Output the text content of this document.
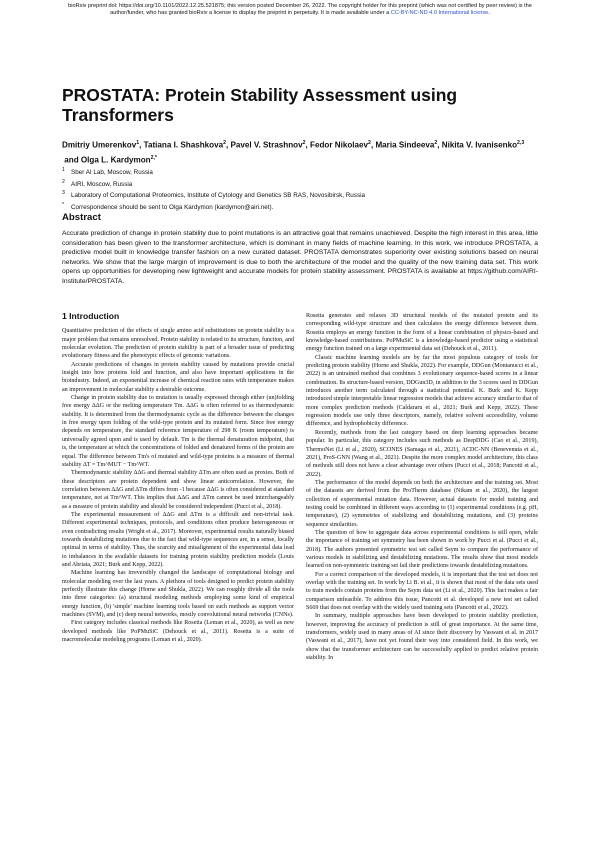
bioRxiv preprint doi: https://doi.org/10.1101/2022.12.25.521875; this version posted December 26, 2022. The copyright holder for this preprint (which was not certified by peer review) is the author/funder, who has granted bioRxiv a license to display the preprint in perpetuity. It is made available under a CC-BY-NC-ND 4.0 International license.
PROSTATA: Protein Stability Assessment using Transformers
Dmitriy Umerenkov$^1$, Tatiana I. Shashkova$^2$, Pavel V. Strashnov$^2$, Fedor Nikolaev$^2$, Maria Sindeeva$^2$, Nikita V. Ivanisenko$^{2,3}$ and Olga L. Kardymon$^{2,*}$
$^1$ Sber AI Lab, Moscow, Russia
$^2$ AIRI, Moscow, Russia
$^3$ Laboratory of Computational Proteomics, Institute of Cytology and Genetics SB RAS, Novosibirsk, Russia
* Correspondence should be sent to Olga Kardymon (kardymon@airi.net).
Abstract

Accurate prediction of change in protein stability due to point mutations is an attractive goal that remains unachieved. Despite the high interest in this area, little consideration has been given to the transformer architecture, which is dominant in many fields of machine learning. In this work, we introduce PROSTATA, a predictive model built in knowledge transfer fashion on a new curated dataset. PROSTATA demonstrates superiority over existing solutions based on neural networks. We show that the large margin of improvement is due to both the architecture of the model and the quality of the new training data set. This work opens up opportunities for developing new lightweight and accurate models for protein stability assessment. PROSTATA is available at https://github.com/AIRI-Institute/PROSTATA.

1 Introduction

Quantitative prediction of the effects of single amino acid substitutions on protein stability is a major problem that remains unresolved. Protein stability is related to its structure, function, and molecular evolution. The prediction of protein stability is part of a broader issue of predicting evolutionary fitness and the phenotypic effects of genomic variations.

Accurate predictions of changes in protein stability caused by mutations provide crucial insight into how proteins fold and function, and also have important applications in the bioindustry. Indeed, an exponential increase of chemical reaction rates with temperature makes an improvement in molecular stability a desirable outcome.

Change in protein stability due to mutation is usually expressed through either (un)folding free energy ΔΔG or the melting temperature Tm. ΔΔG is often referred to as thermodynamic stability. It is determined from the thermodynamic cycle as the difference between the changes in free energy upon folding of the wild-type protein and its mutated form. Since free energy depends on temperature, the standard reference temperature of 298 K (room temperature) is universally agreed upon and is used by default. Tm is the thermal denaturation midpoint, that is, the temperature at which the concentrations of folded and denatured forms of the protein are equal. The difference between Tm's of mutated and wild-type proteins is a measure of thermal stability ΔT = Tm^MUT − Tm^WT.

Thermodynamic stability ΔΔG and thermal stability ΔTm are often used as proxies. Both of these descriptors are protein dependent and show linear anticorrelation. However, the correlation between ΔΔG and ΔTm differs from -1 because ΔΔG is often considered at standard temperature, not at Tm^WT. This implies that ΔΔG and ΔTm cannot be used interchangeably as a measure of protein stability and should be considered independent (Pucci et al., 2018).

The experimental measurement of ΔΔG and ΔTm is a difficult and non-trivial task. Different experimental techniques, protocols, and conditions often produce heterogeneous or even contradicting results (Wright et al., 2017). Moreover, experimental results naturally biased towards destabilizing mutations due to the fact that wild-type sequences are, in a sense, locally optimal in terms of stability. Thus, the scarcity and misalignment of the experimental data lead to imbalances in the available datasets for training protein stability prediction models (Louis and Abriata, 2021; Burk and Kepp, 2022).

Machine learning has irreversibly changed the landscape of computational biology and molecular modeling over the last years. A plethora of tools designed to predict protein stability perfectly illustrate this change (Horne and Shukla, 2022). We can roughly divide all the tools into three categories: (a) structural modeling methods employing some kind of empirical energy function, (b) 'simple' machine learning tools based on such methods as support vector machines (SVM), and (c) deep neural networks, mostly convolutional neural networks (CNNs).

First category includes classical methods like Rosetta (Leman et al., 2020), as well as new developed methods like PoPMuSiC (Dehouck et al., 2011). Rosetta is a suite of macromolecular modeling programs (Leman et al., 2020).

Rosetta generates and relaxes 3D structural models of the mutated protein and its corresponding wild-type structure and then calculates the energy difference between them. Rosetta employs an energy function in the form of a linear combination of physics-based and knowledge-based contributions. PoPMuSiC is a knowledge-based predictor using a statistical energy function trained on a large experimental data set (Dehouck et al., 2011).

Classic machine learning models are by far the most populous category of tools for predicting protein stability (Horne and Shukla, 2022). For example, DDGun (Montanucci et al., 2022) is an untrained method that combines 3 evolutionary sequence-based scores in a linear combination. Its structure-based version, DDGun3D, in addition to the 3 scores used in DDGun introduces another term calculated through a statistical potential. K. Burk and K. Kepp introduced simple interpretable linear regression models that achieve accuracy similar to that of more complex prediction methods (Caldararu et al., 2021; Burk and Kepp, 2022). These regression models use only three descriptors, namely, relative solvent accessibility, volume difference, and hydrophobicity difference.

Recently, methods from the last category based on deep learning approaches became popular. In particular, this category includes such methods as DeepDDG (Cao et al., 2019), ThermoNet (Li et al., 2020), SCONES (Samaga et al., 2021), ACDC-NN (Benevenuta et al., 2021), ProS-GNN (Wang et al., 2021). Despite the more complex model architecture, this class of methods still does not have a clear advantage over others (Pucci et al., 2018; Pancotti et al., 2022).

The performance of the model depends on both the architecture and the training set. Most of the datasets are derived from the ProTherm database (Nikam et al., 2020), the largest collection of experimental mutation data. However, actual datasets for model training and testing could be combined in different ways according to (1) experimental conditions (e.g. pH, temperature), (2) symmetries of stabilizing and destabilizing mutations, and (3) proteins sequence similarities.

The question of how to aggregate data across experimental conditions is still open, while the importance of training set symmetry has been shown in work by Pucci et al. (Pucci et al., 2018). The authors presented symmetric test set called Ssym to compare the performance of various models in stabilizing and destabilizing mutations. The results show that most models learned on non-symmetric training set fail their predictions towards destabilizing mutations.

For a correct comparison of the developed models, it is important that the test set does not overlap with the training set. In work by Li B. et al., it is shown that most of the data sets used to train models contain proteins from the Ssym data set (Li et al., 2020). This fact makes a fair comparison unfeasible. To address this issue, Pancotti et al. developed a new test set called S669 that does not overlap with the widely used training sets (Pancotti et al., 2022).

In summary, multiple approaches have been developed to protein stability prediction, however, improving the accuracy of prediction is still of great importance. At the same time, transformers, widely used in many areas of AI since their discovery by Vaswani et al. in 2017 (Vaswani et al., 2017), have not yet found their way into considered field. In this work, we show that the transformer architecture can be successfully applied to predict relative protein stability. In
